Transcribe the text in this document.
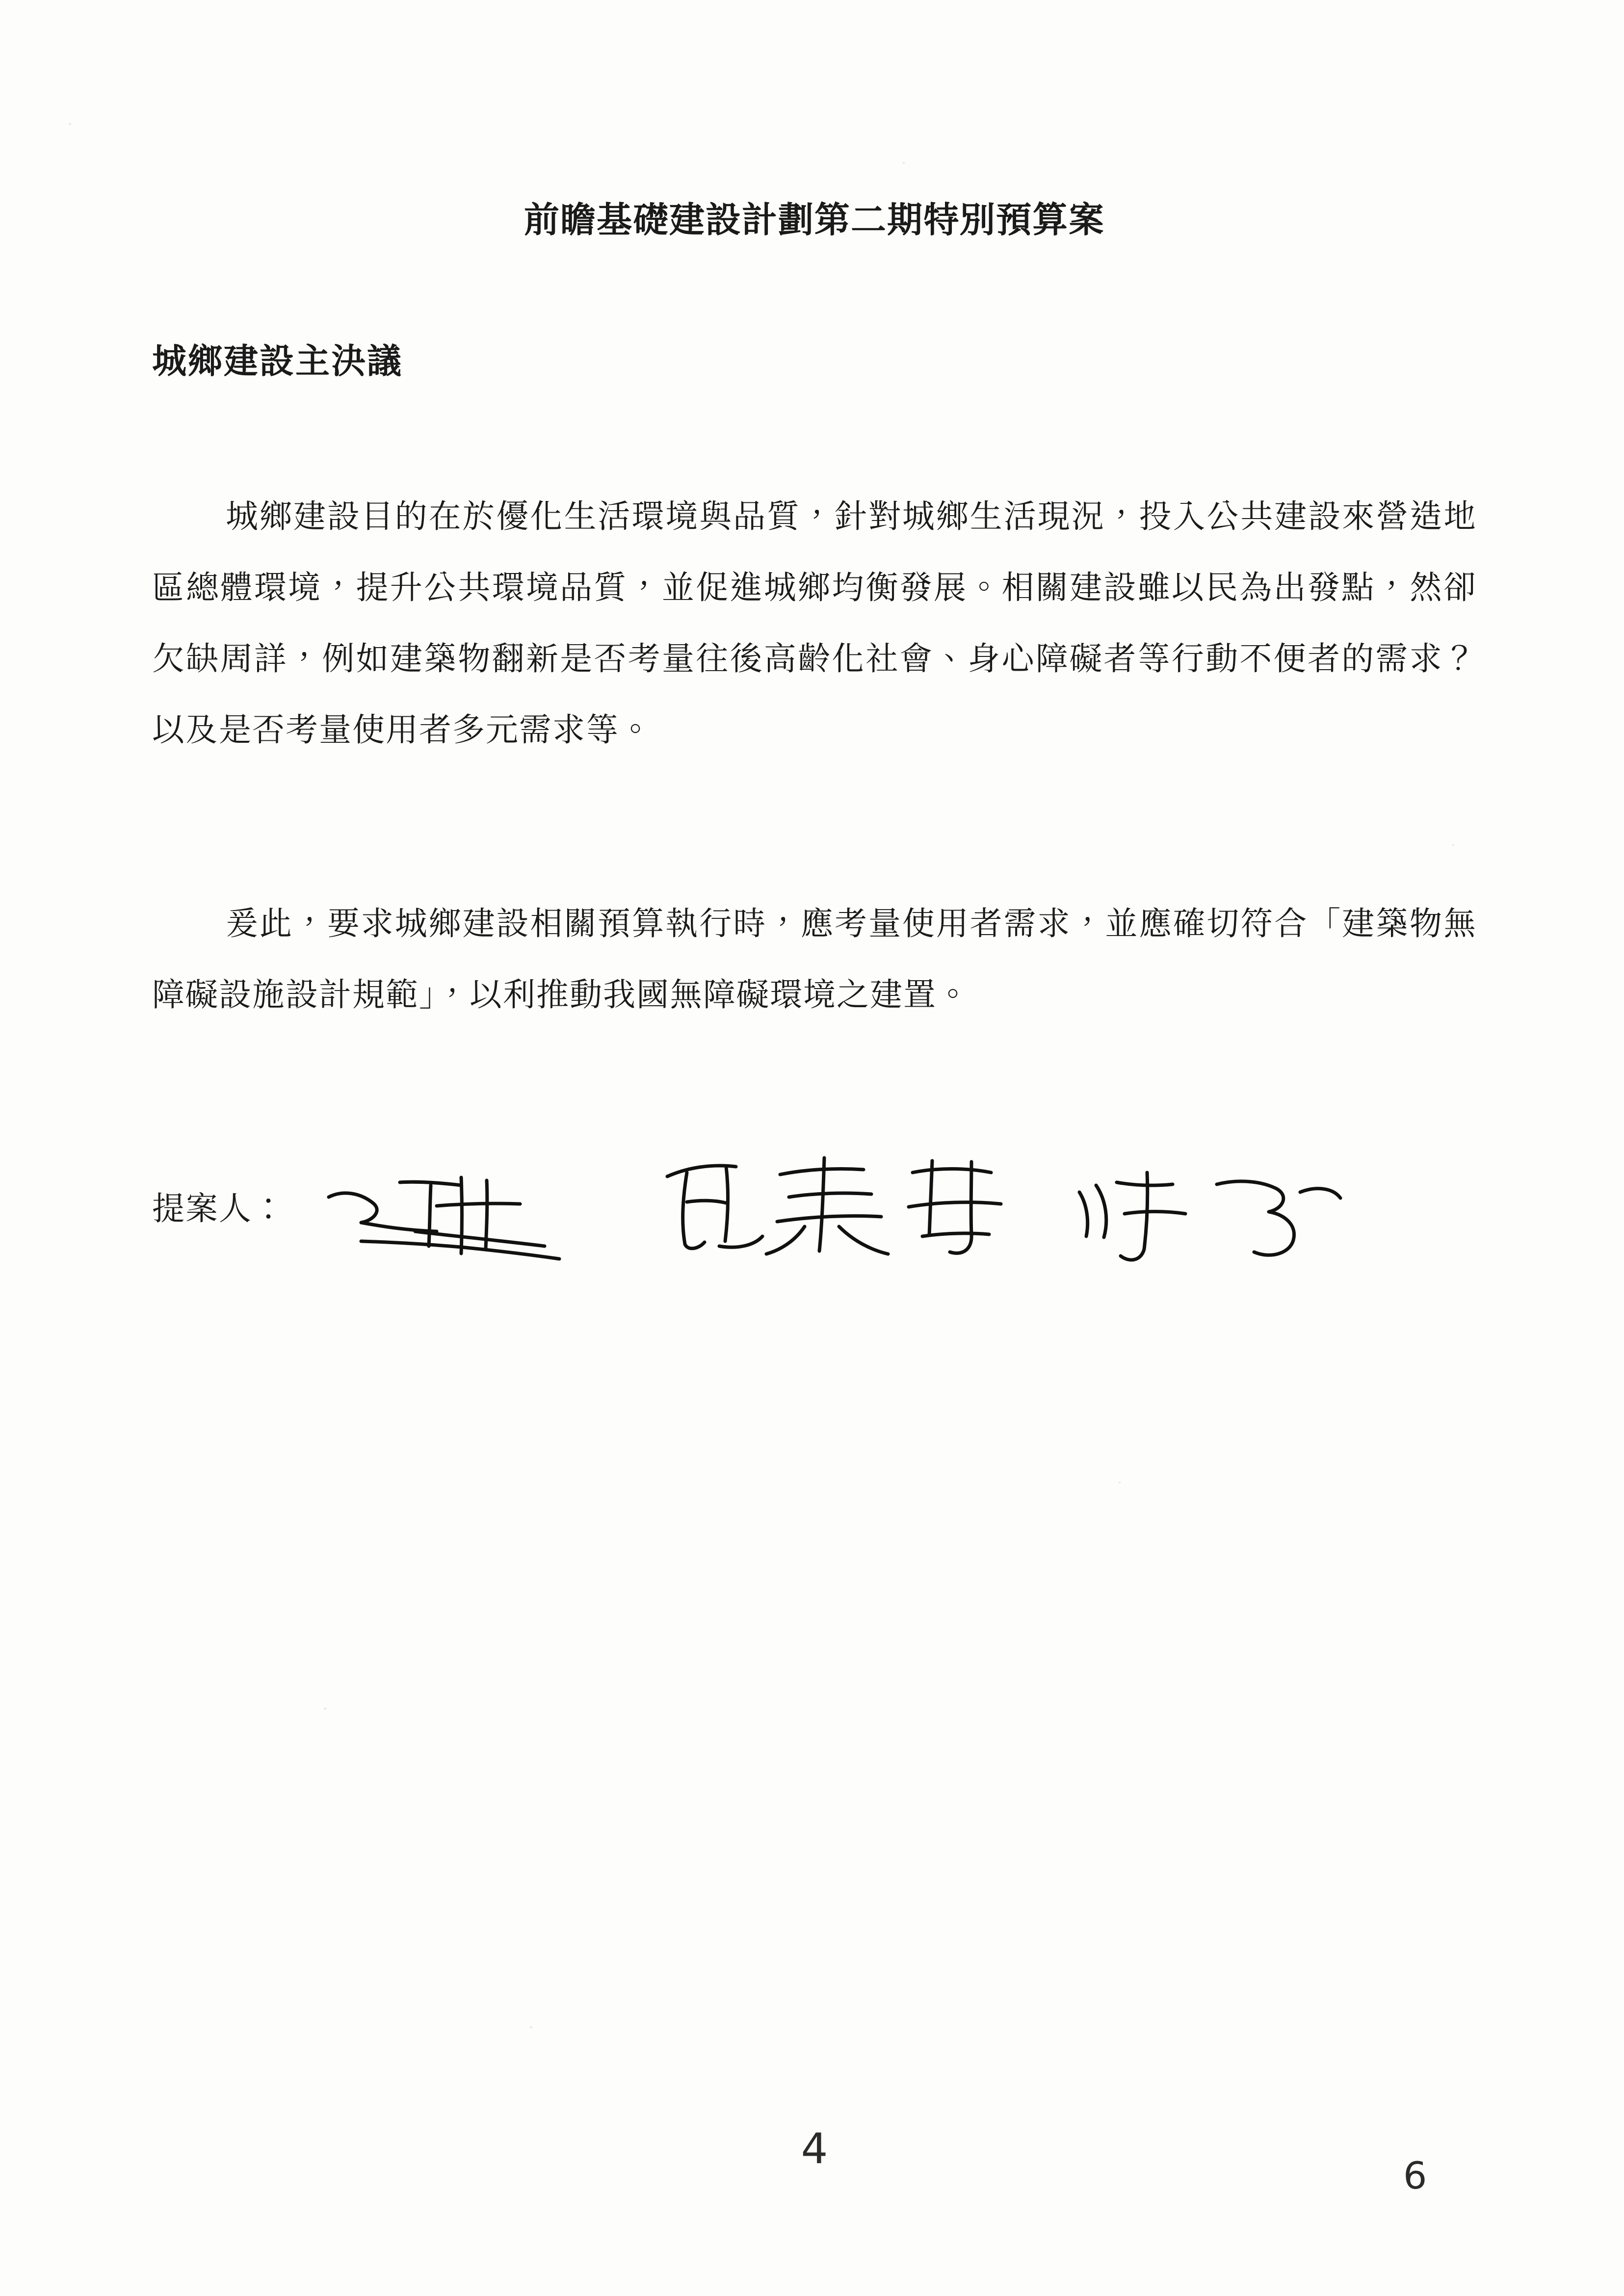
前瞻基礎建設計劃第二期特別預算案
城鄉建設主決議
城鄉建設目的在於優化生活環境與品質，針對城鄉生活現況，投入公共建設來營造地區總體環境，提升公共環境品質，並促進城鄉均衡發展。相關建設雖以民為出發點，然卻欠缺周詳，例如建築物翻新是否考量往後高齡化社會、身心障礙者等行動不便者的需求？以及是否考量使用者多元需求等。
爰此，要求城鄉建設相關預算執行時，應考量使用者需求，並應確切符合「建築物無障礙設施設計規範」，以利推動我國無障礙環境之建置。
提案人：
4
6
